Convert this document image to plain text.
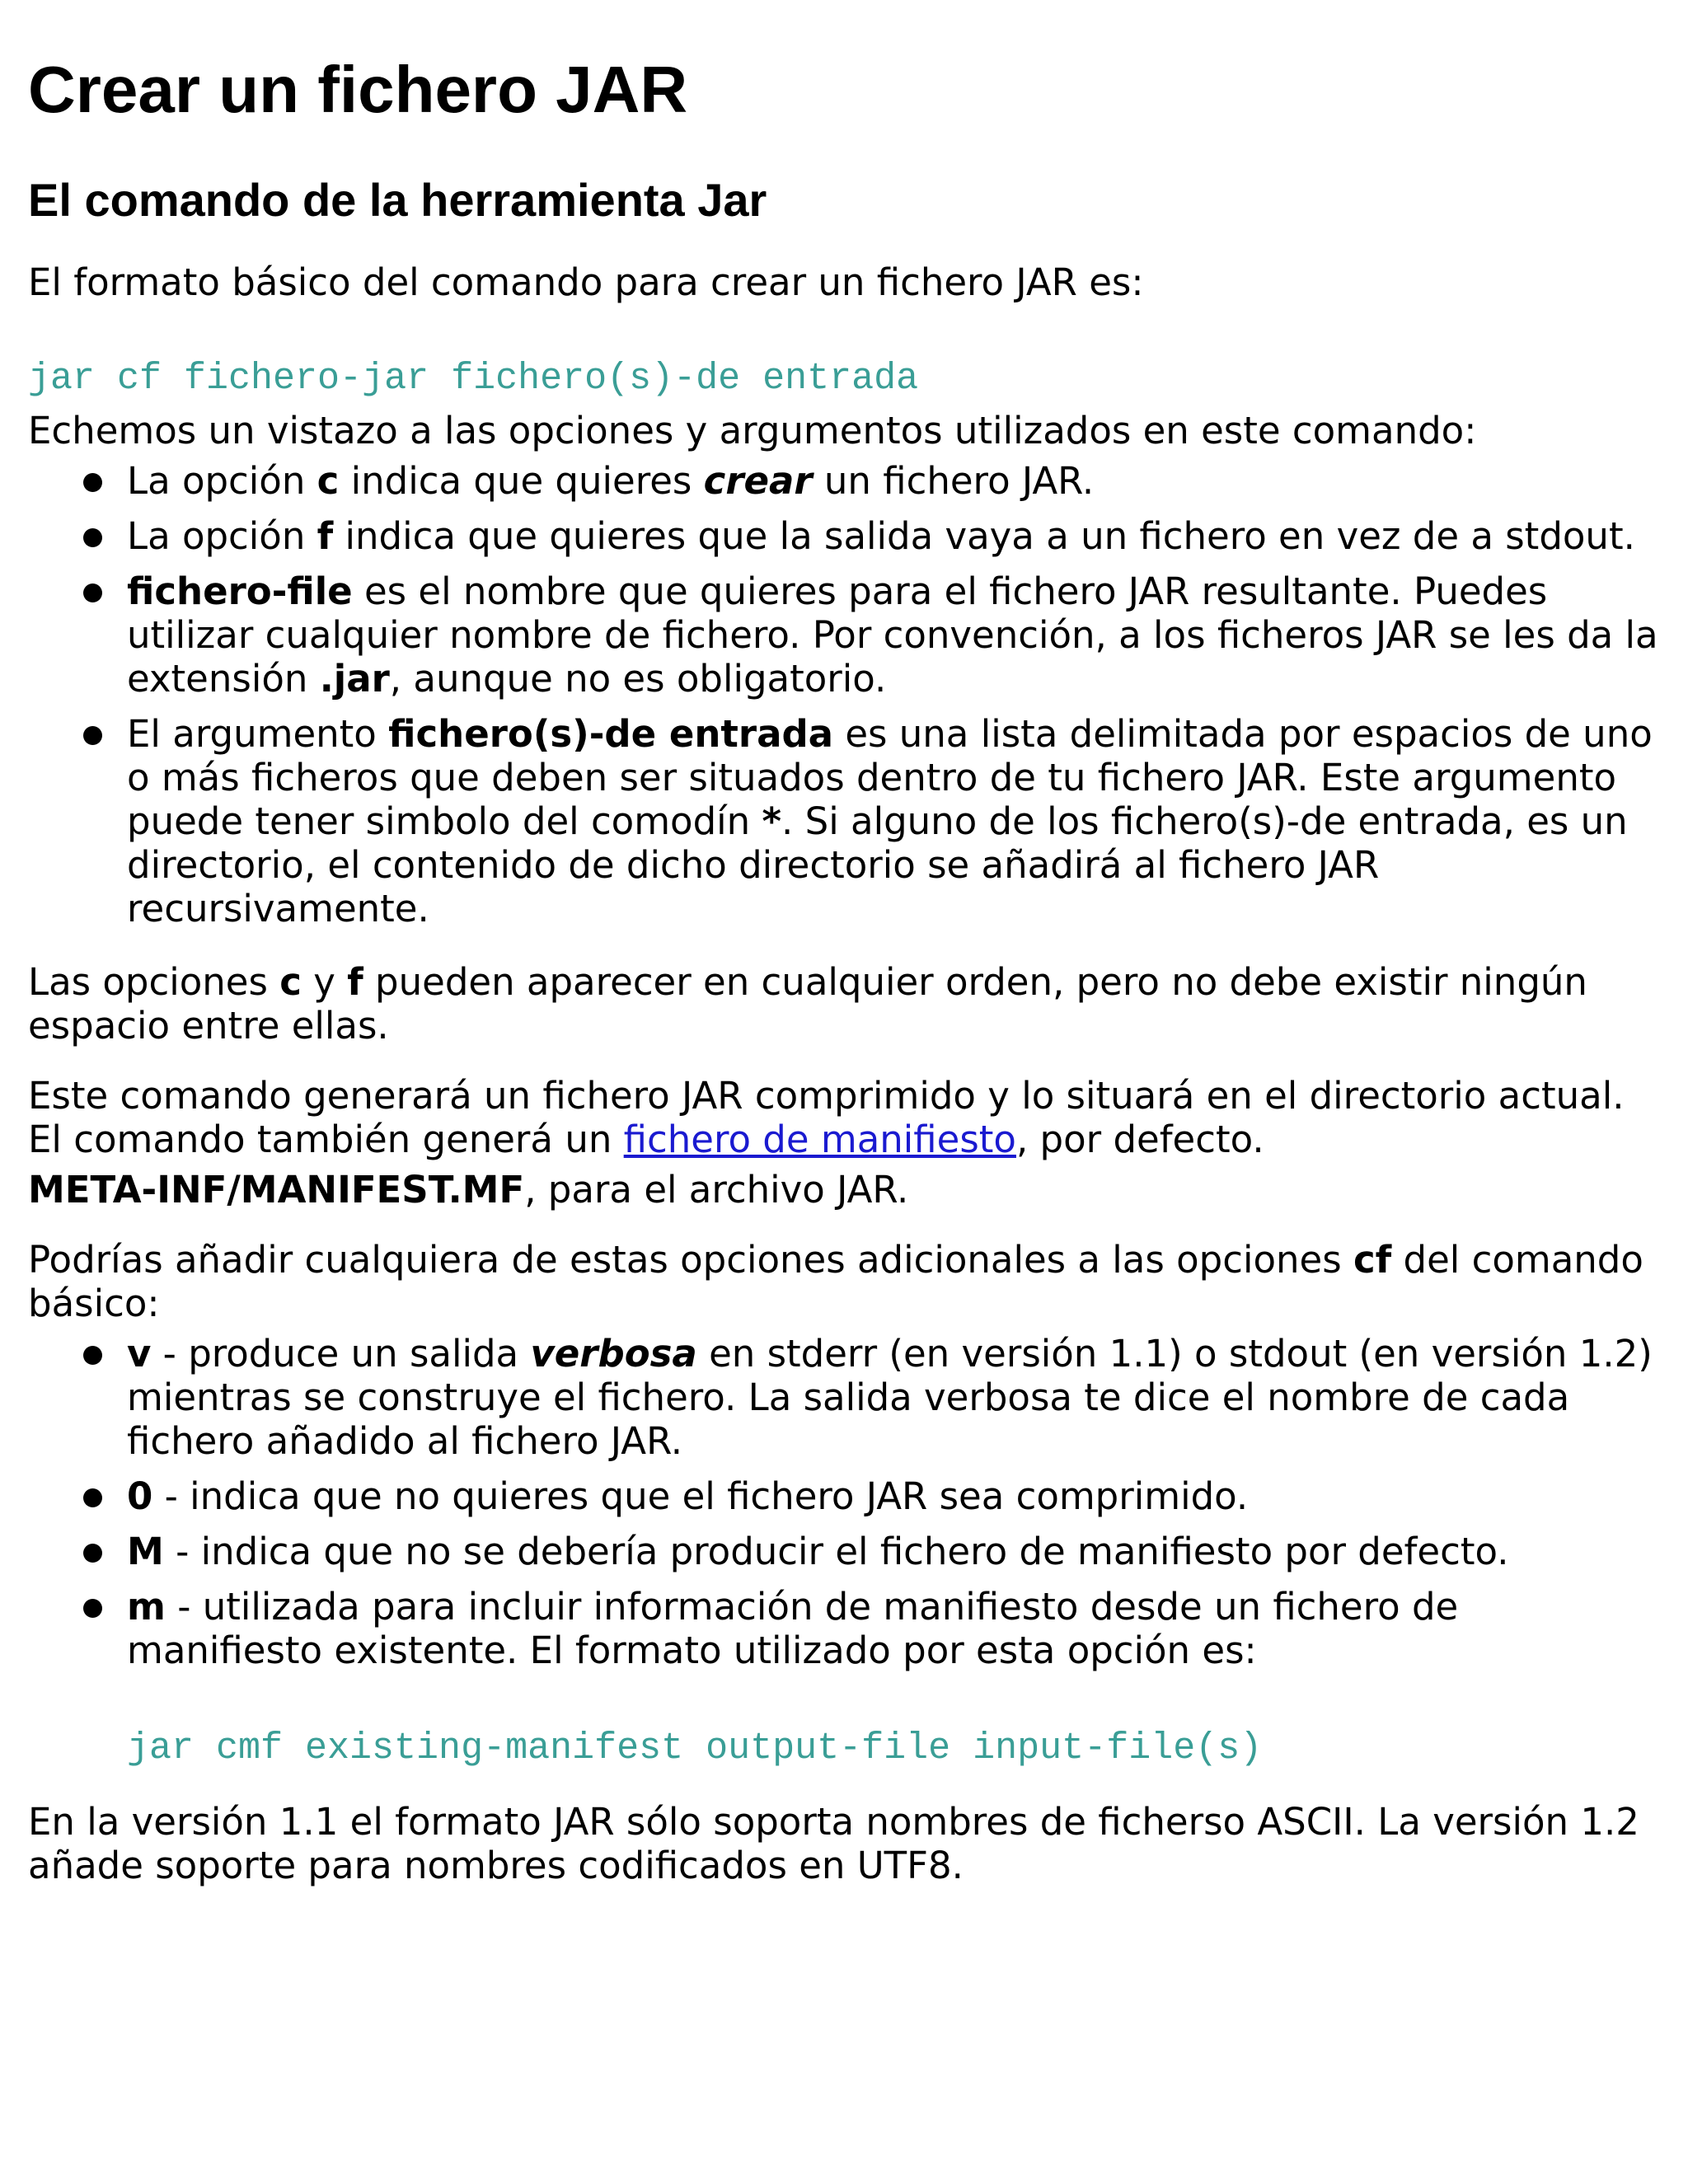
Crear un fichero JAR
El comando de la herramienta Jar

El formato básico del comando para crear un fichero JAR es:

jar cf fichero-jar fichero(s)-de entrada

Echemos un vistazo a las opciones y argumentos utilizados en este comando:

La opción c indica que quieres crear un fichero JAR.
La opción f indica que quieres que la salida vaya a un fichero en vez de a stdout.
fichero-file es el nombre que quieres para el fichero JAR resultante. Puedes utilizar cualquier nombre de fichero. Por convención, a los ficheros JAR se les da la extensión .jar, aunque no es obligatorio.
El argumento fichero(s)-de entrada es una lista delimitada por espacios de uno o más ficheros que deben ser situados dentro de tu fichero JAR. Este argumento puede tener simbolo del comodín *. Si alguno de los fichero(s)-de entrada, es un directorio, el contenido de dicho directorio se añadirá al fichero JAR recursivamente.

Las opciones c y f pueden aparecer en cualquier orden, pero no debe existir ningún espacio entre ellas.

Este comando generará un fichero JAR comprimido y lo situará en el directorio actual. El comando también generá un fichero de manifiesto, por defecto.
META-INF/MANIFEST.MF, para el archivo JAR.

Podrías añadir cualquiera de estas opciones adicionales a las opciones cf del comando básico:

v - produce un salida verbosa en stderr (en versión 1.1) o stdout (en versión 1.2) mientras se construye el fichero. La salida verbosa te dice el nombre de cada fichero añadido al fichero JAR.
0 - indica que no quieres que el fichero JAR sea comprimido.
M - indica que no se debería producir el fichero de manifiesto por defecto.
m - utilizada para incluir información de manifiesto desde un fichero de manifiesto existente. El formato utilizado por esta opción es:
jar cmf existing-manifest output-file input-file(s)

En la versión 1.1 el formato JAR sólo soporta nombres de ficherso ASCII. La versión 1.2 añade soporte para nombres codificados en UTF8.
